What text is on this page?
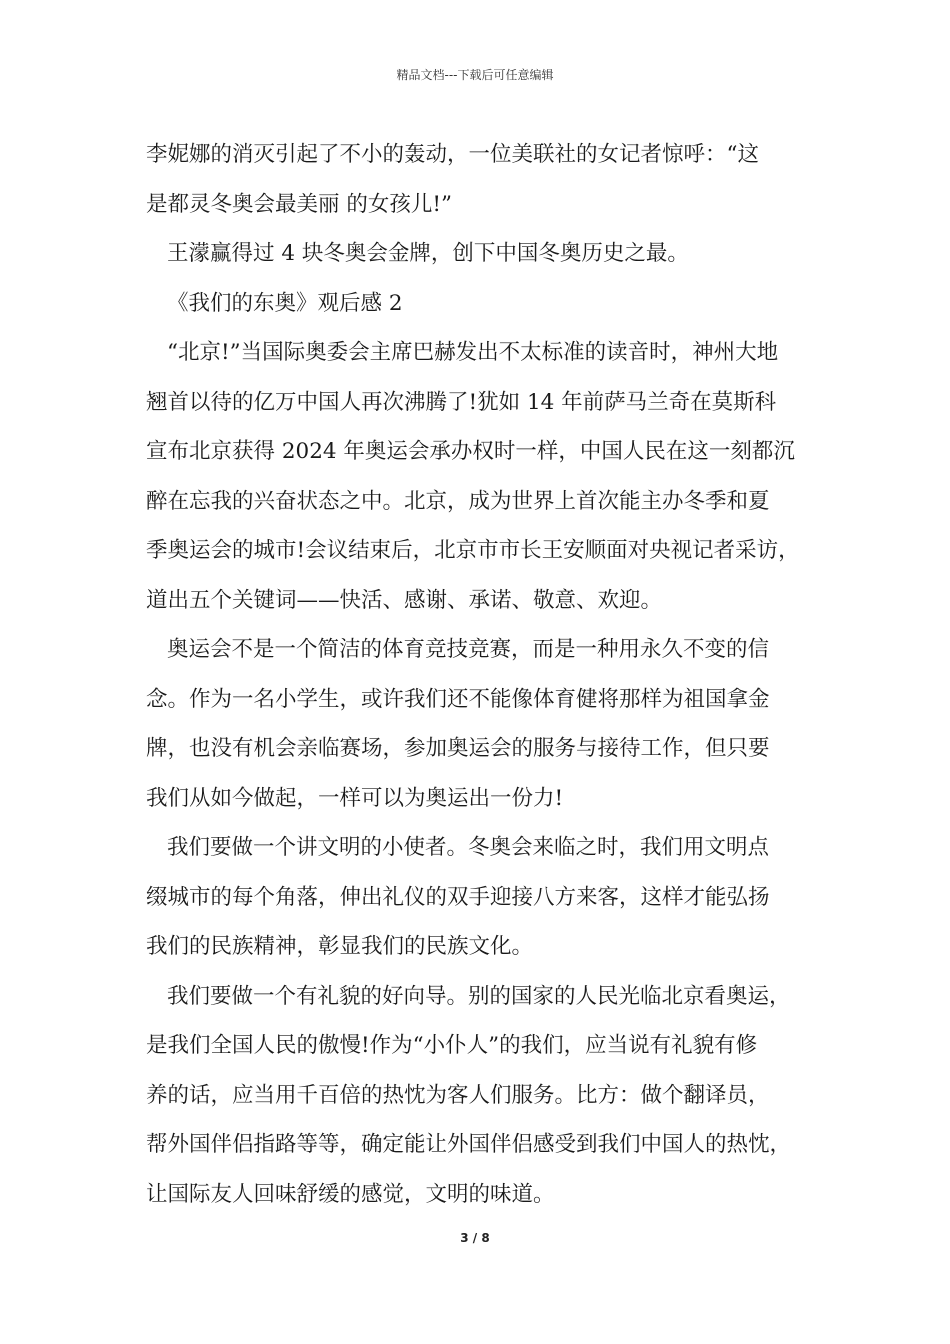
精品文档---下载后可任意编辑

李妮娜的消灭引起了不小的轰动，一位美联社的女记者惊呼：“这

是都灵冬奥会最美丽 的女孩儿!”

王濛赢得过 4 块冬奥会金牌，创下中国冬奥历史之最。

《我们的东奥》观后感 2

“北京!”当国际奥委会主席巴赫发出不太标准的读音时，神州大地

翘首以待的亿万中国人再次沸腾了!犹如 14 年前萨马兰奇在莫斯科

宣布北京获得 2024 年奥运会承办权时一样，中国人民在这一刻都沉

醉在忘我的兴奋状态之中。北京，成为世界上首次能主办冬季和夏

季奥运会的城市!会议结束后，北京市市长王安顺面对央视记者采访，

道出五个关键词——快活、感谢、承诺、敬意、欢迎。

奥运会不是一个简洁的体育竞技竞赛，而是一种用永久不变的信

念。作为一名小学生，或许我们还不能像体育健将那样为祖国拿金

牌，也没有机会亲临赛场，参加奥运会的服务与接待工作，但只要

我们从如今做起，一样可以为奥运出一份力!

我们要做一个讲文明的小使者。冬奥会来临之时，我们用文明点

缀城市的每个角落，伸出礼仪的双手迎接八方来客，这样才能弘扬

我们的民族精神，彰显我们的民族文化。

我们要做一个有礼貌的好向导。别的国家的人民光临北京看奥运，

是我们全国人民的傲慢!作为“小仆人”的我们，应当说有礼貌有修

养的话，应当用千百倍的热忱为客人们服务。比方：做个翻译员，

帮外国伴侣指路等等，确定能让外国伴侣感受到我们中国人的热忱，

让国际友人回味舒缓的感觉，文明的味道。

3 / 8
